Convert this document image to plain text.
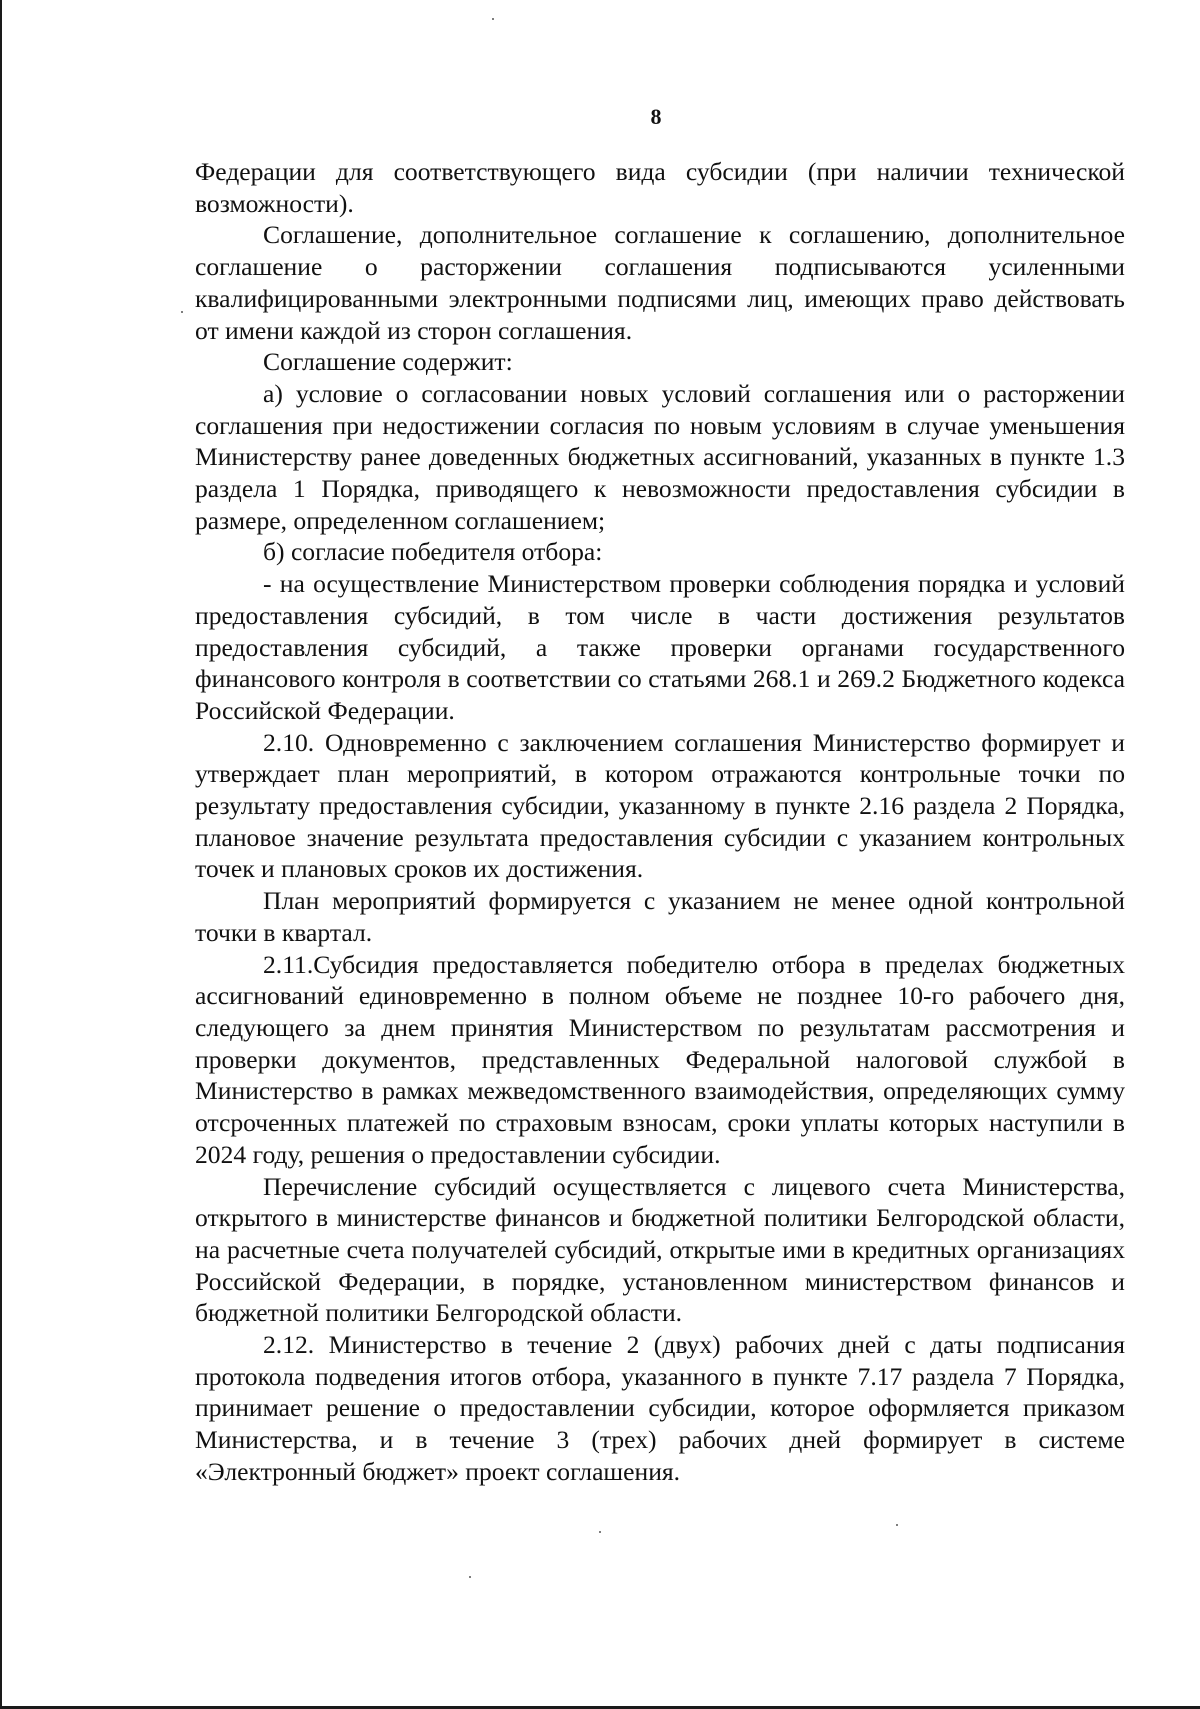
8

Федерации для соответствующего вида субсидии (при наличии технической возможности).

Соглашение, дополнительное соглашение к соглашению, дополнительное соглашение о расторжении соглашения подписываются усиленными квалифицированными электронными подписями лиц, имеющих право действовать от имени каждой из сторон соглашения.

Соглашение содержит:

а) условие о согласовании новых условий соглашения или о расторжении соглашения при недостижении согласия по новым условиям в случае уменьшения Министерству ранее доведенных бюджетных ассигнований, указанных в пункте 1.3 раздела 1 Порядка, приводящего к невозможности предоставления субсидии в размере, определенном соглашением;

б) согласие победителя отбора:

- на осуществление Министерством проверки соблюдения порядка и условий предоставления субсидий, в том числе в части достижения результатов предоставления субсидий, а также проверки органами государственного финансового контроля в соответствии со статьями 268.1 и 269.2 Бюджетного кодекса Российской Федерации.

2.10. Одновременно с заключением соглашения Министерство формирует и утверждает план мероприятий, в котором отражаются контрольные точки по результату предоставления субсидии, указанному в пункте 2.16 раздела 2 Порядка, плановое значение результата предоставления субсидии с указанием контрольных точек и плановых сроков их достижения.

План мероприятий формируется с указанием не менее одной контрольной точки в квартал.

2.11.Субсидия предоставляется победителю отбора в пределах бюджетных ассигнований единовременно в полном объеме не позднее 10-го рабочего дня, следующего за днем принятия Министерством по результатам рассмотрения и проверки документов, представленных Федеральной налоговой службой в Министерство в рамках межведомственного взаимодействия, определяющих сумму отсроченных платежей по страховым взносам, сроки уплаты которых наступили в 2024 году, решения о предоставлении субсидии.

Перечисление субсидий осуществляется с лицевого счета Министерства, открытого в министерстве финансов и бюджетной политики Белгородской области, на расчетные счета получателей субсидий, открытые ими в кредитных организациях Российской Федерации, в порядке, установленном министерством финансов и бюджетной политики Белгородской области.

2.12. Министерство в течение 2 (двух) рабочих дней с даты подписания протокола подведения итогов отбора, указанного в пункте 7.17 раздела 7 Порядка, принимает решение о предоставлении субсидии, которое оформляется приказом Министерства, и в течение 3 (трех) рабочих дней формирует в системе «Электронный бюджет» проект соглашения.
